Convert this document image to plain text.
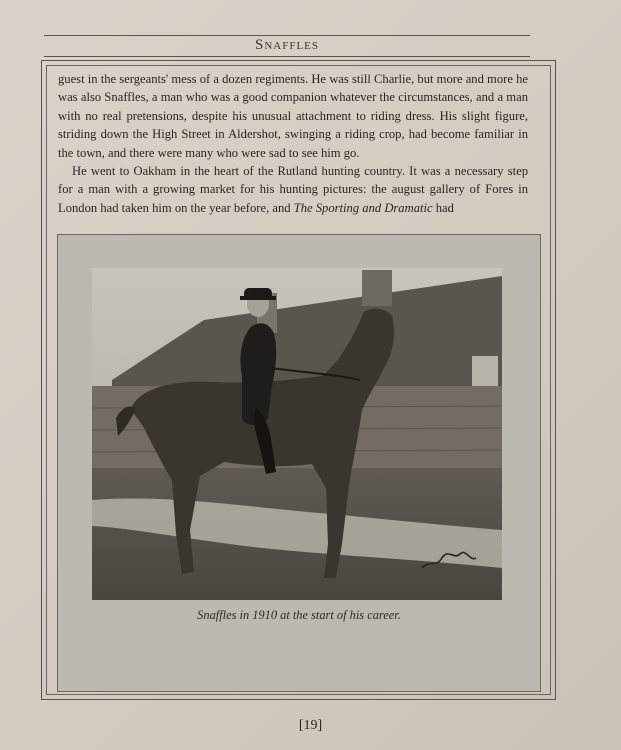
Snaffles

guest in the sergeants' mess of a dozen regiments. He was still Charlie, but more and more he was also Snaffles, a man who was a good companion whatever the circumstances, and a man with no real pretensions, despite his unusual attachment to riding dress. His slight figure, striding down the High Street in Aldershot, swinging a riding crop, had become familiar in the town, and there were many who were sad to see him go.

He went to Oakham in the heart of the Rutland hunting country. It was a necessary step for a man with a growing market for his hunting pictures: the august gallery of Fores in London had taken him on the year before, and The Sporting and Dramatic had

Snaffles in 1910 at the start of his career.
[19]
